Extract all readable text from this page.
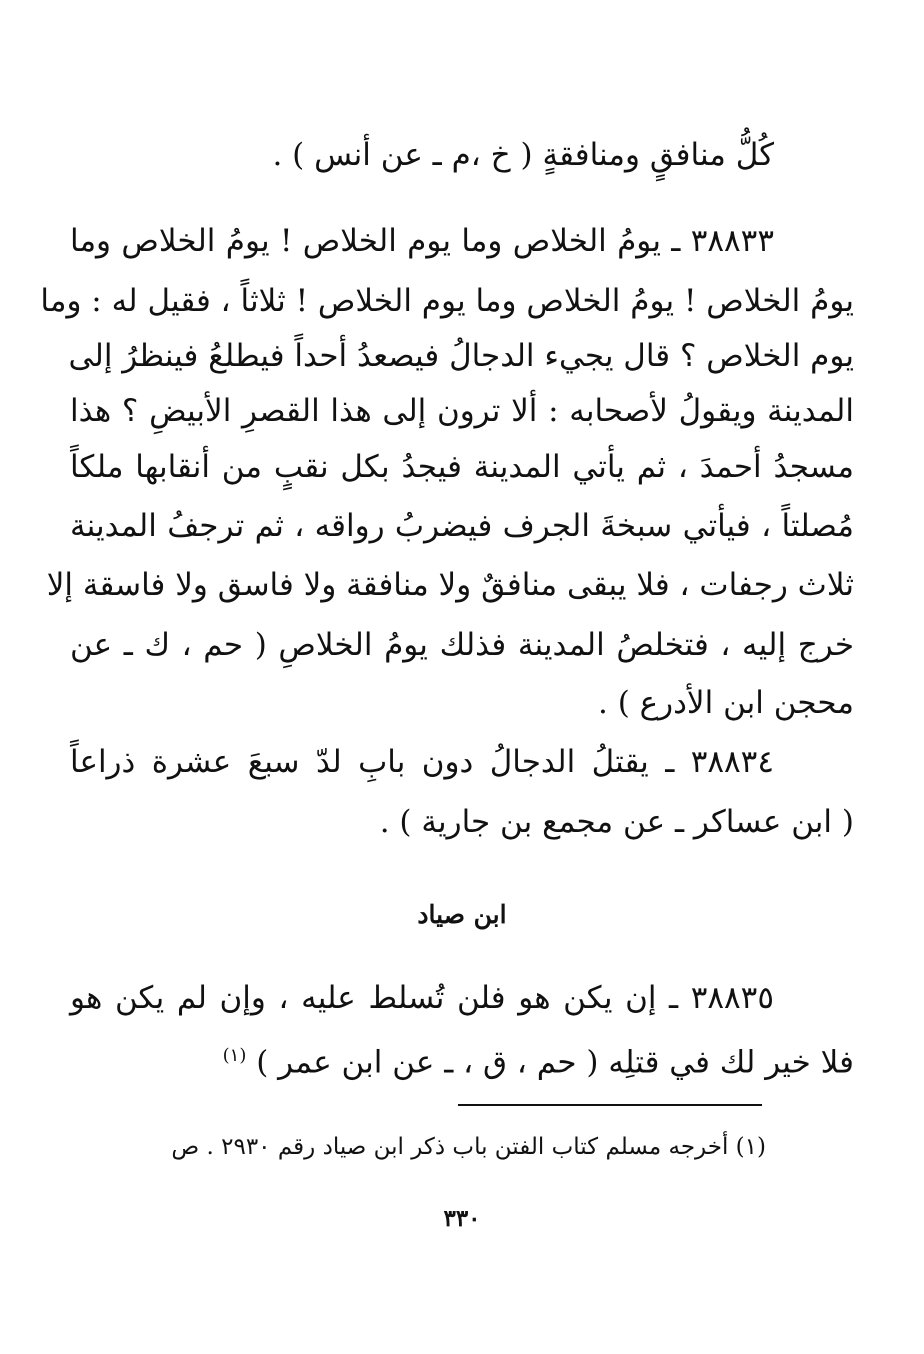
كُلُّ منافقٍ ومنافقةٍ ( خ ،م ـ عن أنس ) .
٣٨٨٣٣ ـ يومُ الخلاص وما يوم الخلاص ! يومُ الخلاص وما
يومُ الخلاص ! يومُ الخلاص وما يوم الخلاص ! ثلاثاً ، فقيل له : وما
يوم الخلاص ؟ قال يجيء الدجالُ فيصعدُ أحداً فيطلعُ فينظرُ إلى
المدينة ويقولُ لأصحابه : ألا ترون إلى هذا القصرِ الأبيضِ ؟ هذا
مسجدُ أحمدَ ، ثم يأتي المدينة فيجدُ بكل نقبٍ من أنقابها ملكاً
مُصلتاً ، فيأتي سبخةَ الجرف فيضربُ رواقه ، ثم ترجفُ المدينة
ثلاث رجفات ، فلا يبقى منافقٌ ولا منافقة ولا فاسق ولا فاسقة إلا
خرج إليه ، فتخلصُ المدينة فذلك يومُ الخلاصِ ( حم ، ك ـ عن
محجن ابن الأدرع ) .
٣٨٨٣٤ ـ يقتلُ الدجالُ دون بابِ لدّ سبعَ عشرة ذراعاً
( ابن عساكر ـ عن مجمع بن جارية ) .
ابن صياد
٣٨٨٣٥ ـ إن يكن هو فلن تُسلط عليه ، وإن لم يكن هو
فلا خير لك في قتلِه ( حم ، ق ، ـ عن ابن عمر ) $^{(١)}$
(١) أخرجه مسلم كتاب الفتن باب ذكر ابن صياد رقم ٢٩٣٠ . ص
٣٣٠
